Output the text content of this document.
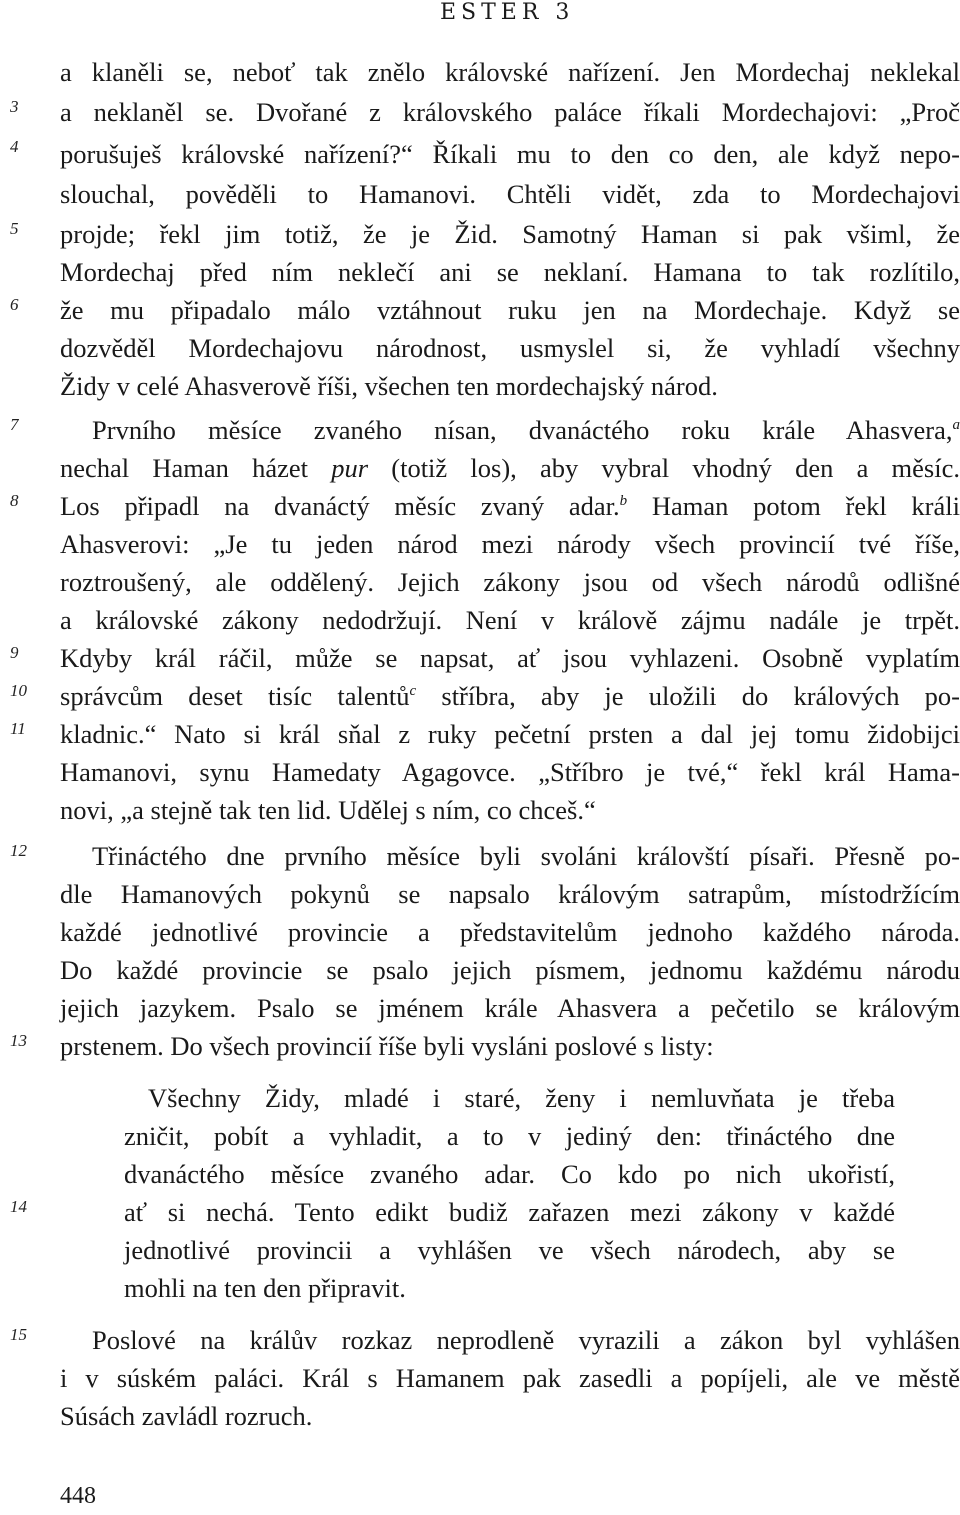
ESTER 3
a klaněli se, neboť tak znělo královské nařízení. Jen Mordechaj neklekal
a neklaněl se. Dvořané z královského paláce říkali Mordechajovi: „Proč
porušuješ královské nařízení?“ Říkali mu to den co den, ale když nepo-
slouchal, pověděli to Hamanovi. Chtěli vidět, zda to Mordechajovi
projde; řekl jim totiž, že je Žid. Samotný Haman si pak všiml, že
Mordechaj před ním neklečí ani se neklaní. Hamana to tak rozlítilo,
že mu připadalo málo vztáhnout ruku jen na Mordechaje. Když se
dozvěděl Mordechajovu národnost, usmyslel si, že vyhladí všechny
Židy v celé Ahasverově říši, všechen ten mordechajský národ.
Prvního měsíce zvaného nísan, dvanáctého roku krále Ahasvera,$^a$
nechal Haman házet pur (totiž los), aby vybral vhodný den a měsíc.
Los připadl na dvanáctý měsíc zvaný adar.$^b$ Haman potom řekl králi
Ahasverovi: „Je tu jeden národ mezi národy všech provincií tvé říše,
roztroušený, ale oddělený. Jejich zákony jsou od všech národů odlišné
a královské zákony nedodržují. Není v králově zájmu nadále je trpět.
Kdyby král ráčil, může se napsat, ať jsou vyhlazeni. Osobně vyplatím
správcům deset tisíc talentů$^c$ stříbra, aby je uložili do králových po-
kladnic.“ Nato si král sňal z ruky pečetní prsten a dal jej tomu židobijci
Hamanovi, synu Hamedaty Agagovce. „Stříbro je tvé,“ řekl král Hama-
novi, „a stejně tak ten lid. Udělej s ním, co chceš.“
Třináctého dne prvního měsíce byli svoláni královští písaři. Přesně po-
dle Hamanových pokynů se napsalo královým satrapům, místodržícím
každé jednotlivé provincie a představitelům jednoho každého národa.
Do každé provincie se psalo jejich písmem, jednomu každému národu
jejich jazykem. Psalo se jménem krále Ahasvera a pečetilo se královým
prstenem. Do všech provincií říše byli vysláni poslové s listy:
Všechny Židy, mladé i staré, ženy i nemluvňata je třeba
zničit, pobít a vyhladit, a to v jediný den: třináctého dne
dvanáctého měsíce zvaného adar. Co kdo po nich ukořistí,
ať si nechá. Tento edikt budiž zařazen mezi zákony v každé
jednotlivé provincii a vyhlášen ve všech národech, aby se
mohli na ten den připravit.
Poslové na králův rozkaz neprodleně vyrazili a zákon byl vyhlášen
i v súském paláci. Král s Hamanem pak zasedli a popíjeli, ale ve městě
Súsách zavládl rozruch.
3
4
5
6
7
8
9
10
11
12
13
14
15
448
